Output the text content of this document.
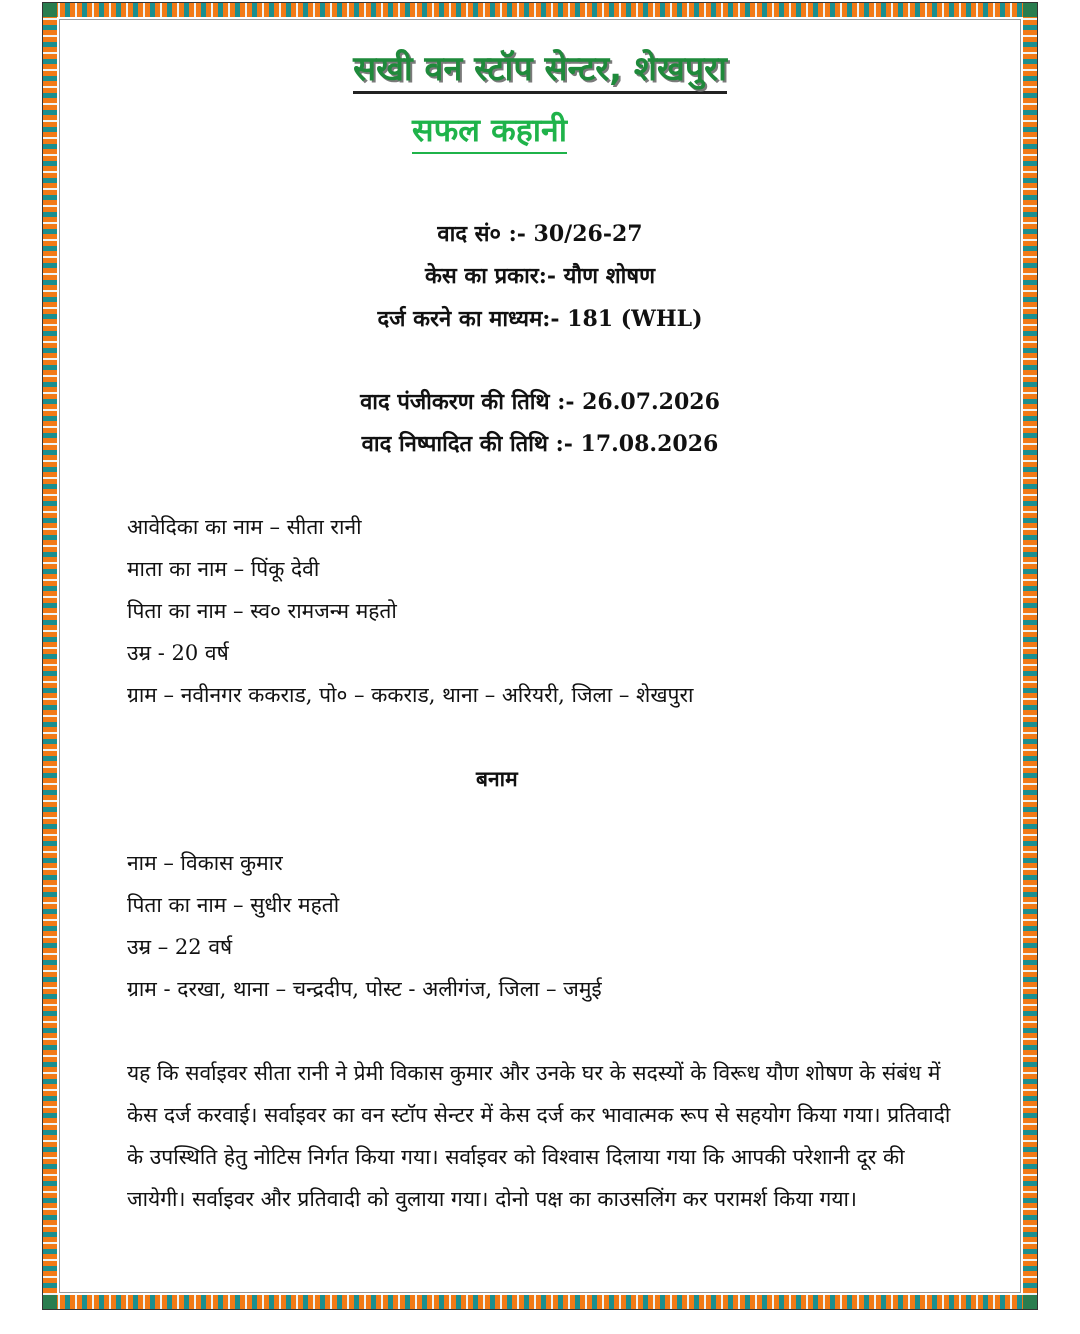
सखी वन स्टॉप सेन्टर, शेखपुरा
सफल कहानी
वाद सं० :- 30/26-27
केस का प्रकार:- यौण शोषण
दर्ज करने का माध्यम:- 181 (WHL)
वाद पंजीकरण की तिथि :- 26.07.2026
वाद निष्पादित की तिथि :- 17.08.2026
आवेदिका का नाम – सीता रानी
माता का नाम – पिंकू देवी
पिता का नाम – स्व० रामजन्म महतो
उम्र - 20 वर्ष
ग्राम – नवीनगर ककराड, पो० – ककराड, थाना – अरियरी, जिला – शेखपुरा
बनाम
नाम – विकास कुमार
पिता का नाम – सुधीर महतो
उम्र – 22 वर्ष
ग्राम - दरखा, थाना – चन्द्रदीप, पोस्ट - अलीगंज, जिला – जमुई
यह कि सर्वाइवर सीता रानी ने प्रेमी विकास कुमार और उनके घर के सदस्यों के विरूध यौण शोषण के संबंध में केस दर्ज करवाई। सर्वाइवर का वन स्टॉप सेन्टर में केस दर्ज कर भावात्मक रूप से सहयोग किया गया। प्रतिवादी के उपस्थिति हेतु नोटिस निर्गत किया गया। सर्वाइवर को विश्वास दिलाया गया कि आपकी परेशानी दूर की जायेगी। सर्वाइवर और प्रतिवादी को वुलाया गया। दोनो पक्ष का काउसलिंग कर परामर्श किया गया।
